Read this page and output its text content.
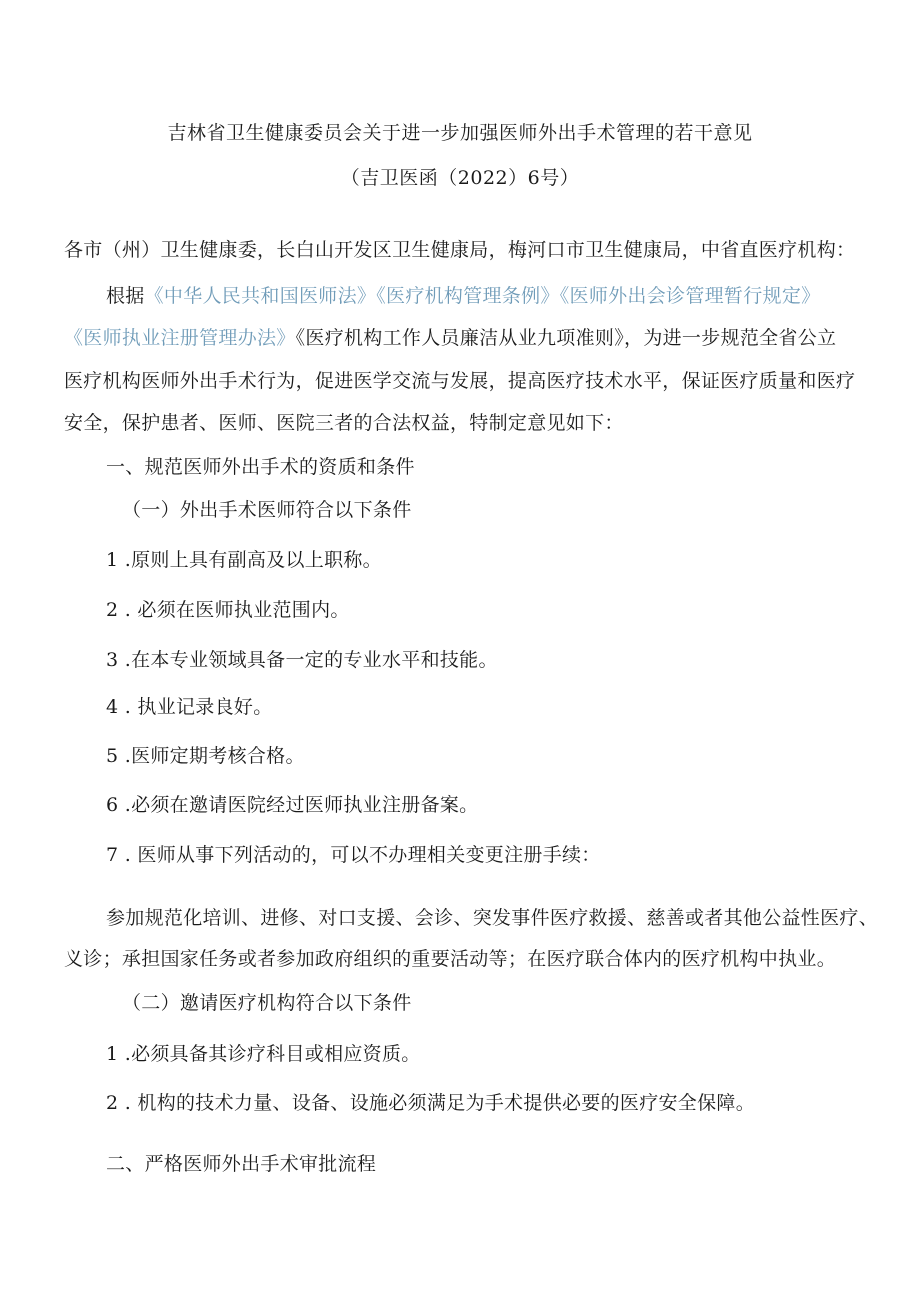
吉林省卫生健康委员会关于进一步加强医师外出手术管理的若干意见
（吉卫医函（2022）6号）
各市（州）卫生健康委，长白山开发区卫生健康局，梅河口市卫生健康局，中省直医疗机构：
根据《中华人民共和国医师法》《医疗机构管理条例》《医师外出会诊管理暂行规定》
《医师执业注册管理办法》《医疗机构工作人员廉洁从业九项准则》，为进一步规范全省公立
医疗机构医师外出手术行为，促进医学交流与发展，提高医疗技术水平，保证医疗质量和医疗
安全，保护患者、医师、医院三者的合法权益，特制定意见如下：
一、规范医师外出手术的资质和条件
（一）外出手术医师符合以下条件
1 .原则上具有副高及以上职称。
2 . 必须在医师执业范围内。
3 .在本专业领域具备一定的专业水平和技能。
4 . 执业记录良好。
5 .医师定期考核合格。
6 .必须在邀请医院经过医师执业注册备案。
7 . 医师从事下列活动的，可以不办理相关变更注册手续：
参加规范化培训、进修、对口支援、会诊、突发事件医疗救援、慈善或者其他公益性医疗、
义诊；承担国家任务或者参加政府组织的重要活动等；在医疗联合体内的医疗机构中执业。
（二）邀请医疗机构符合以下条件
1 .必须具备其诊疗科目或相应资质。
2 . 机构的技术力量、设备、设施必须满足为手术提供必要的医疗安全保障。
二、严格医师外出手术审批流程
